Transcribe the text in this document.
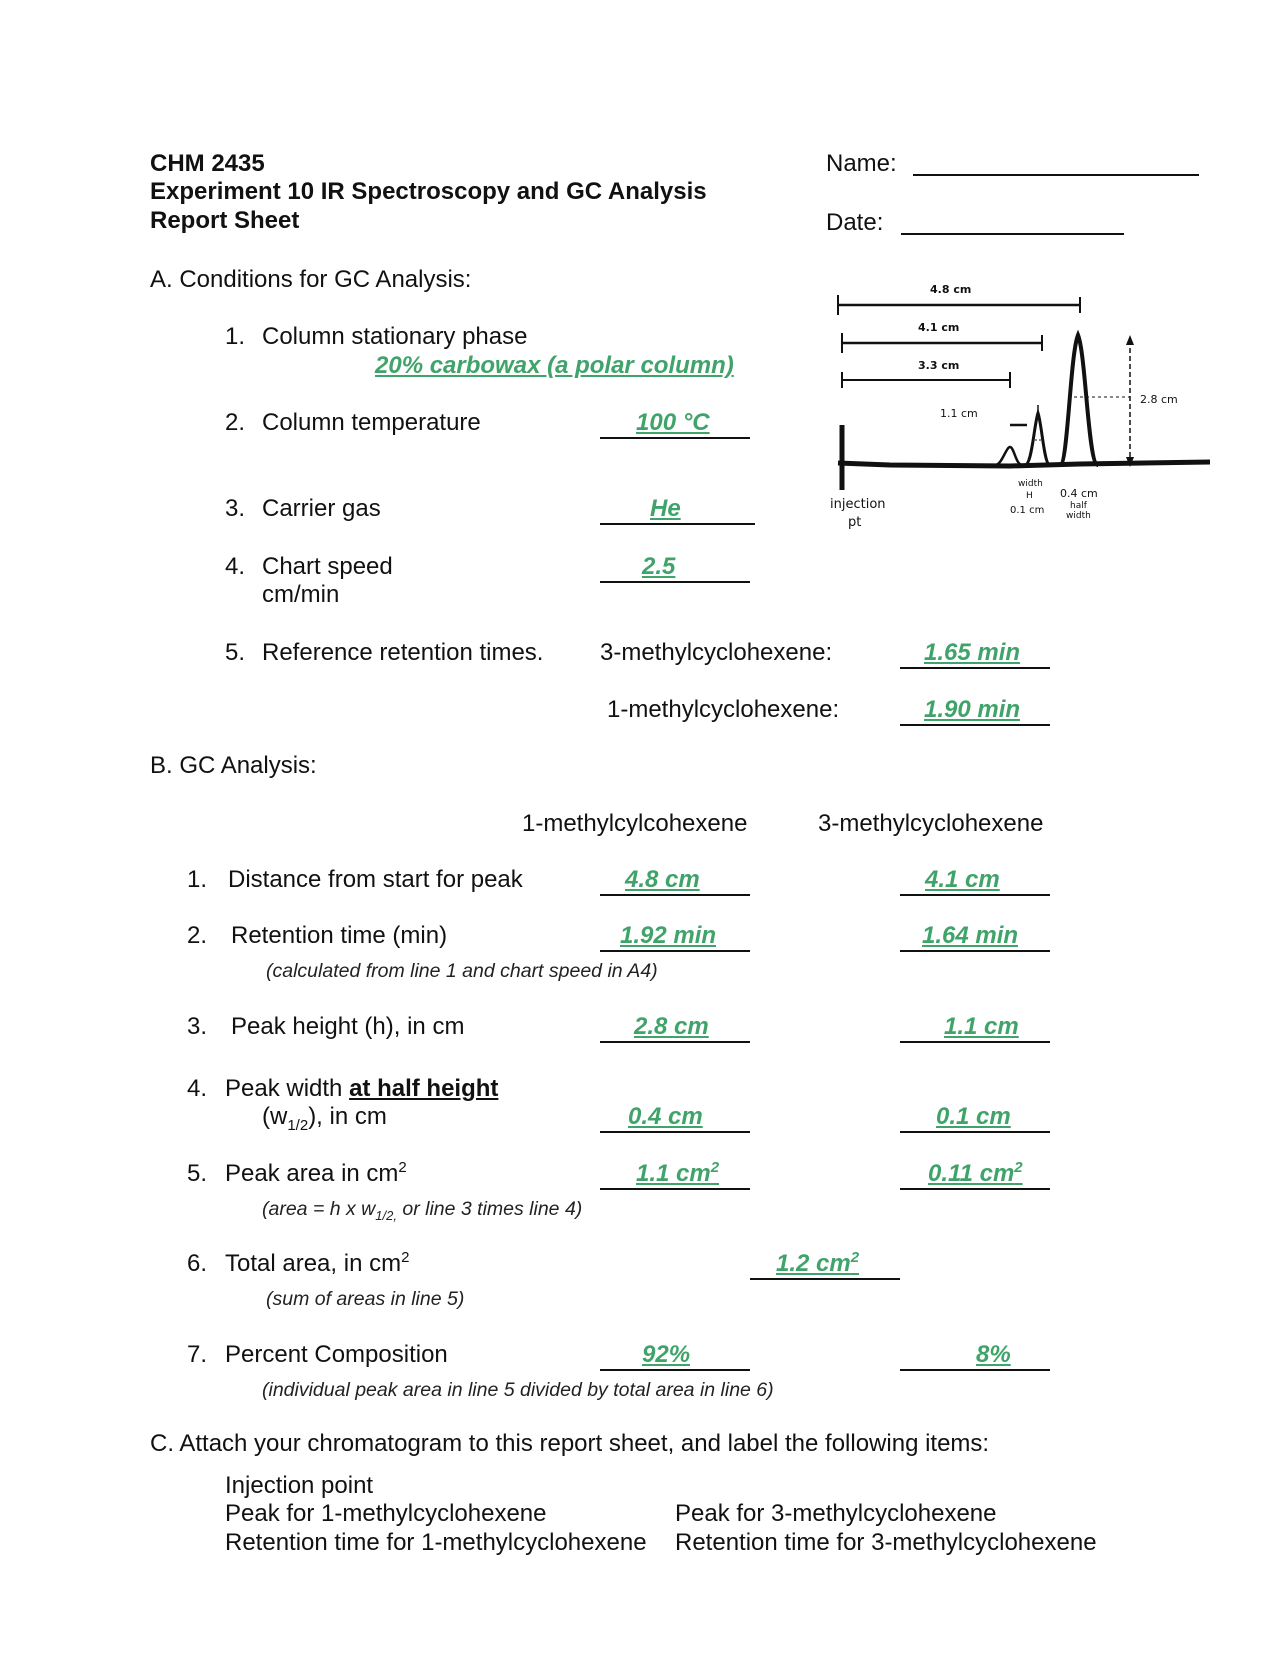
CHM 2435
Experiment 10 IR Spectroscopy and GC Analysis
Report Sheet
Name:
Date:
A. Conditions for GC Analysis:
1. Column stationary phase
20% carbowax (a polar column)
2. Column temperature	100 °C
3. Carrier gas	He
4. Chart speed
cm/min
2.5
5. Reference retention times. 3-methylcyclohexene:	1.65 min
1-methylcyclohexene:	1.90 min
4.8 cm
4.1 cm
3.3 cm
1.1 cm
2.8 cm
injection
pt
width
H
0.1 cm
0.4 cm
half
width
B. GC Analysis:
1-methylcylcohexene	3-methylcyclohexene
1. Distance from start for peak	4.8 cm	4.1 cm
2. Retention time (min)
(calculated from line 1 and chart speed in A4)
1.92 min	1.64 min
3. Peak height (h), in cm	2.8 cm	1.1 cm
4. Peak width at half height
$(w_{1/2})$, in cm	0.4 cm	0.1 cm
5. Peak area in $cm^2$
(area = h x $w_{1/2,}$ or line 3 times line 4)
1.1 $cm^2$	0.11 $cm^2$
6. Total area, in $cm^2$
(sum of areas in line 5)
1.2 $cm^2$
7. Percent Composition
(individual peak area in line 5 divided by total area in line 6)
92%	8%
C. Attach your chromatogram to this report sheet, and label the following items:
Injection point
Peak for 1-methylcyclohexene	Peak for 3-methylcyclohexene
Retention time for 1-methylcyclohexene Retention time for 3-methylcyclohexene
